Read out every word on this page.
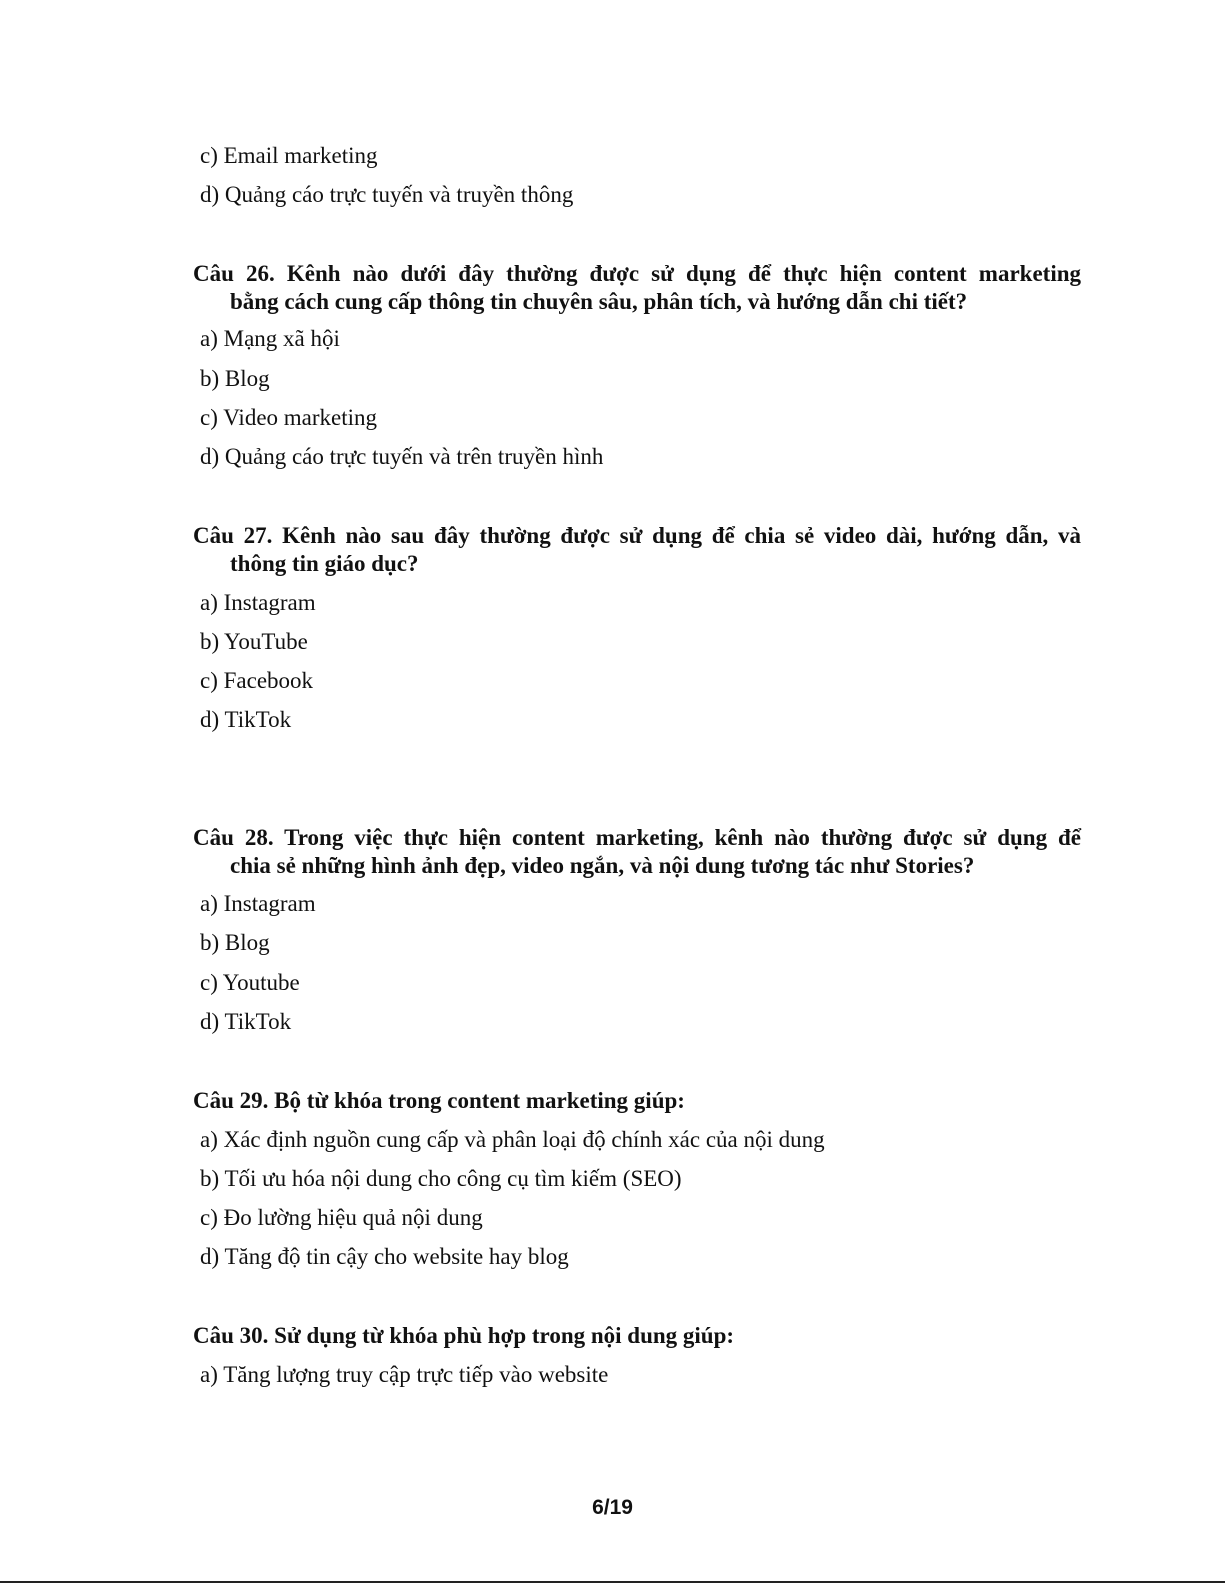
c) Email marketing
d) Quảng cáo trực tuyến và truyền thông
Câu 26. Kênh nào dưới đây thường được sử dụng để thực hiện content marketing
bằng cách cung cấp thông tin chuyên sâu, phân tích, và hướng dẫn chi tiết?
a) Mạng xã hội
b) Blog
c) Video marketing
d) Quảng cáo trực tuyến và trên truyền hình
Câu 27. Kênh nào sau đây thường được sử dụng để chia sẻ video dài, hướng dẫn, và
thông tin giáo dục?
a) Instagram
b) YouTube
c) Facebook
d) TikTok
Câu 28. Trong việc thực hiện content marketing, kênh nào thường được sử dụng để
chia sẻ những hình ảnh đẹp, video ngắn, và nội dung tương tác như Stories?
a) Instagram
b) Blog
c) Youtube
d) TikTok
Câu 29. Bộ từ khóa trong content marketing giúp:
a) Xác định nguồn cung cấp và phân loại độ chính xác của nội dung
b) Tối ưu hóa nội dung cho công cụ tìm kiếm (SEO)
c) Đo lường hiệu quả nội dung
d) Tăng độ tin cậy cho website hay blog
Câu 30. Sử dụng từ khóa phù hợp trong nội dung giúp:
a) Tăng lượng truy cập trực tiếp vào website
6/19
